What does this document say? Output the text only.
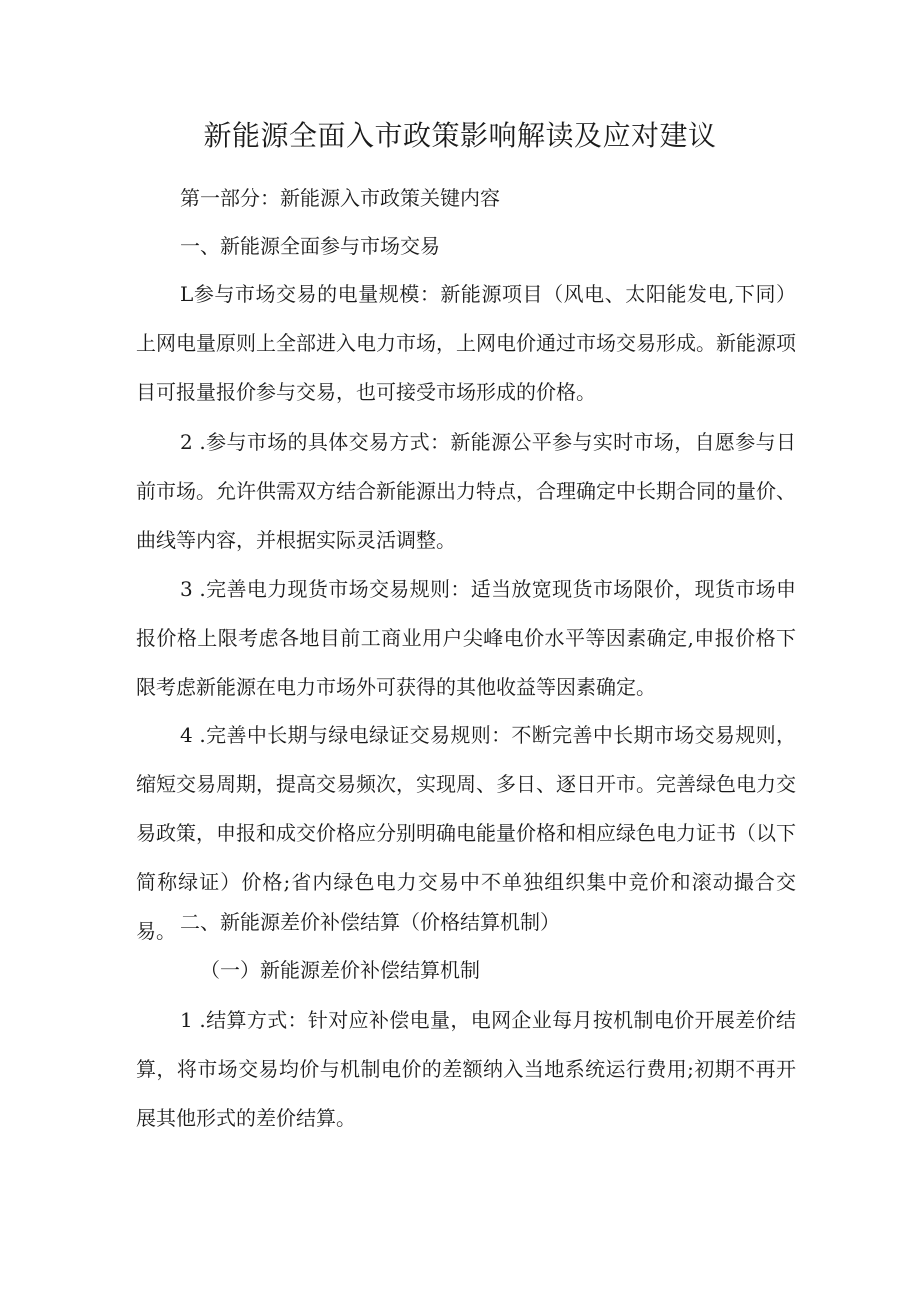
新能源全面入市政策影响解读及应对建议

第一部分：新能源入市政策关键内容

一、新能源全面参与市场交易

L参与市场交易的电量规模：新能源项目（风电、太阳能发电,下同）上网电量原则上全部进入电力市场，上网电价通过市场交易形成。新能源项目可报量报价参与交易，也可接受市场形成的价格。

2 .参与市场的具体交易方式：新能源公平参与实时市场，自愿参与日前市场。允许供需双方结合新能源出力特点，合理确定中长期合同的量价、曲线等内容，并根据实际灵活调整。

3 .完善电力现货市场交易规则：适当放宽现货市场限价，现货市场申报价格上限考虑各地目前工商业用户尖峰电价水平等因素确定,申报价格下限考虑新能源在电力市场外可获得的其他收益等因素确定。

4 .完善中长期与绿电绿证交易规则：不断完善中长期市场交易规则，缩短交易周期，提高交易频次，实现周、多日、逐日开市。完善绿色电力交易政策，申报和成交价格应分别明确电能量价格和相应绿色电力证书（以下简称绿证）价格;省内绿色电力交易中不单独组织集中竞价和滚动撮合交易。 二、新能源差价补偿结算（价格结算机制）

（一）新能源差价补偿结算机制

1 .结算方式：针对应补偿电量，电网企业每月按机制电价开展差价结算，将市场交易均价与机制电价的差额纳入当地系统运行费用;初期不再开展其他形式的差价结算。
